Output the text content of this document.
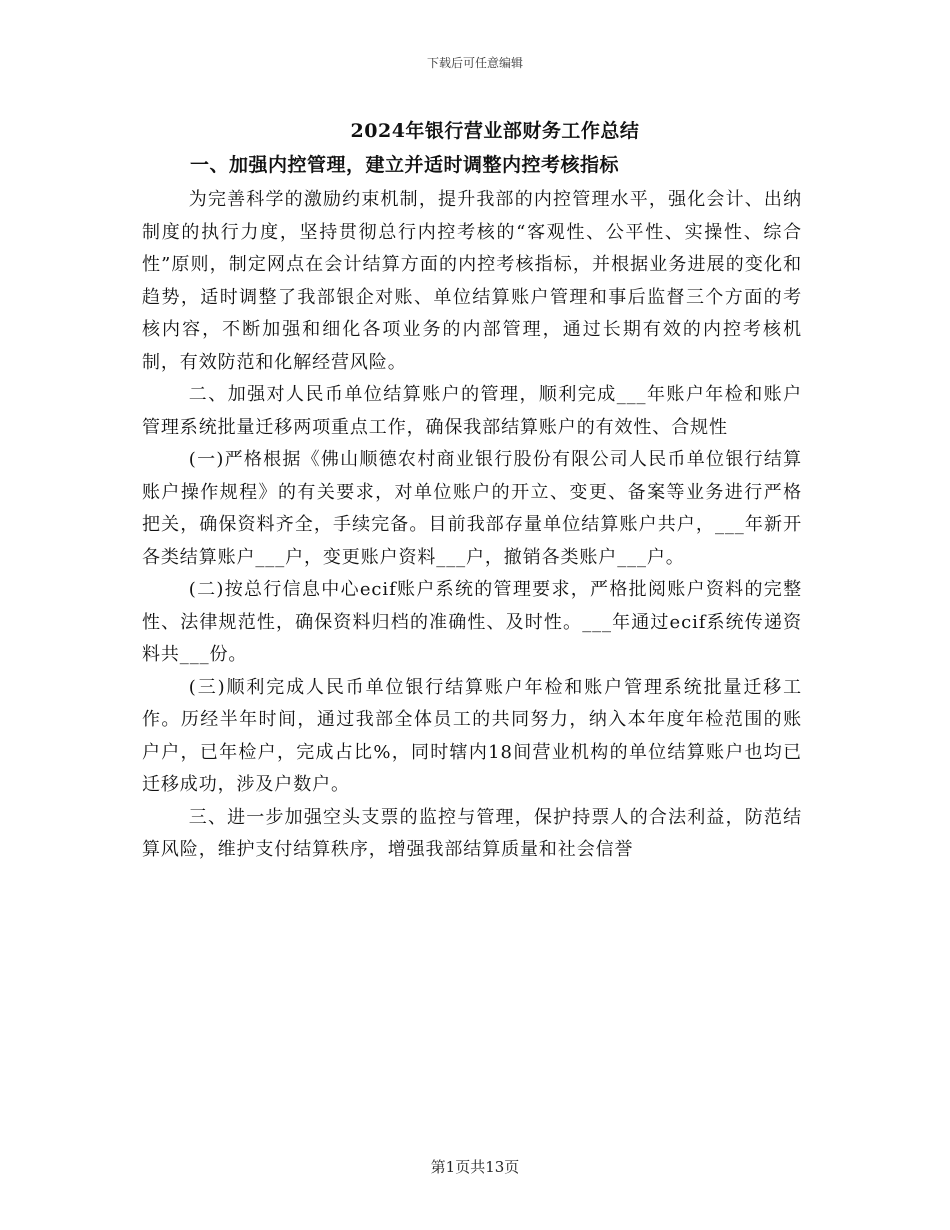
下载后可任意编辑
2024年银行营业部财务工作总结
一、加强内控管理，建立并适时调整内控考核指标

为完善科学的激励约束机制，提升我部的内控管理水平，强化会计、出纳制度的执行力度，坚持贯彻总行内控考核的“客观性、公平性、实操性、综合性”原则，制定网点在会计结算方面的内控考核指标，并根据业务进展的变化和趋势，适时调整了我部银企对账、单位结算账户管理和事后监督三个方面的考核内容，不断加强和细化各项业务的内部管理，通过长期有效的内控考核机制，有效防范和化解经营风险。

二、加强对人民币单位结算账户的管理，顺利完成___年账户年检和账户管理系统批量迁移两项重点工作，确保我部结算账户的有效性、合规性

(一)严格根据《佛山顺德农村商业银行股份有限公司人民币单位银行结算账户操作规程》的有关要求，对单位账户的开立、变更、备案等业务进行严格把关，确保资料齐全，手续完备。目前我部存量单位结算账户共户，___年新开各类结算账户___户，变更账户资料___户，撤销各类账户___户。

(二)按总行信息中心ecif账户系统的管理要求，严格批阅账户资料的完整性、法律规范性，确保资料归档的准确性、及时性。___年通过ecif系统传递资料共___份。

(三)顺利完成人民币单位银行结算账户年检和账户管理系统批量迁移工作。历经半年时间，通过我部全体员工的共同努力，纳入本年度年检范围的账户户，已年检户，完成占比%，同时辖内18间营业机构的单位结算账户也均已迁移成功，涉及户数户。

三、进一步加强空头支票的监控与管理，保护持票人的合法利益，防范结算风险，维护支付结算秩序，增强我部结算质量和社会信誉

第1页共13页
